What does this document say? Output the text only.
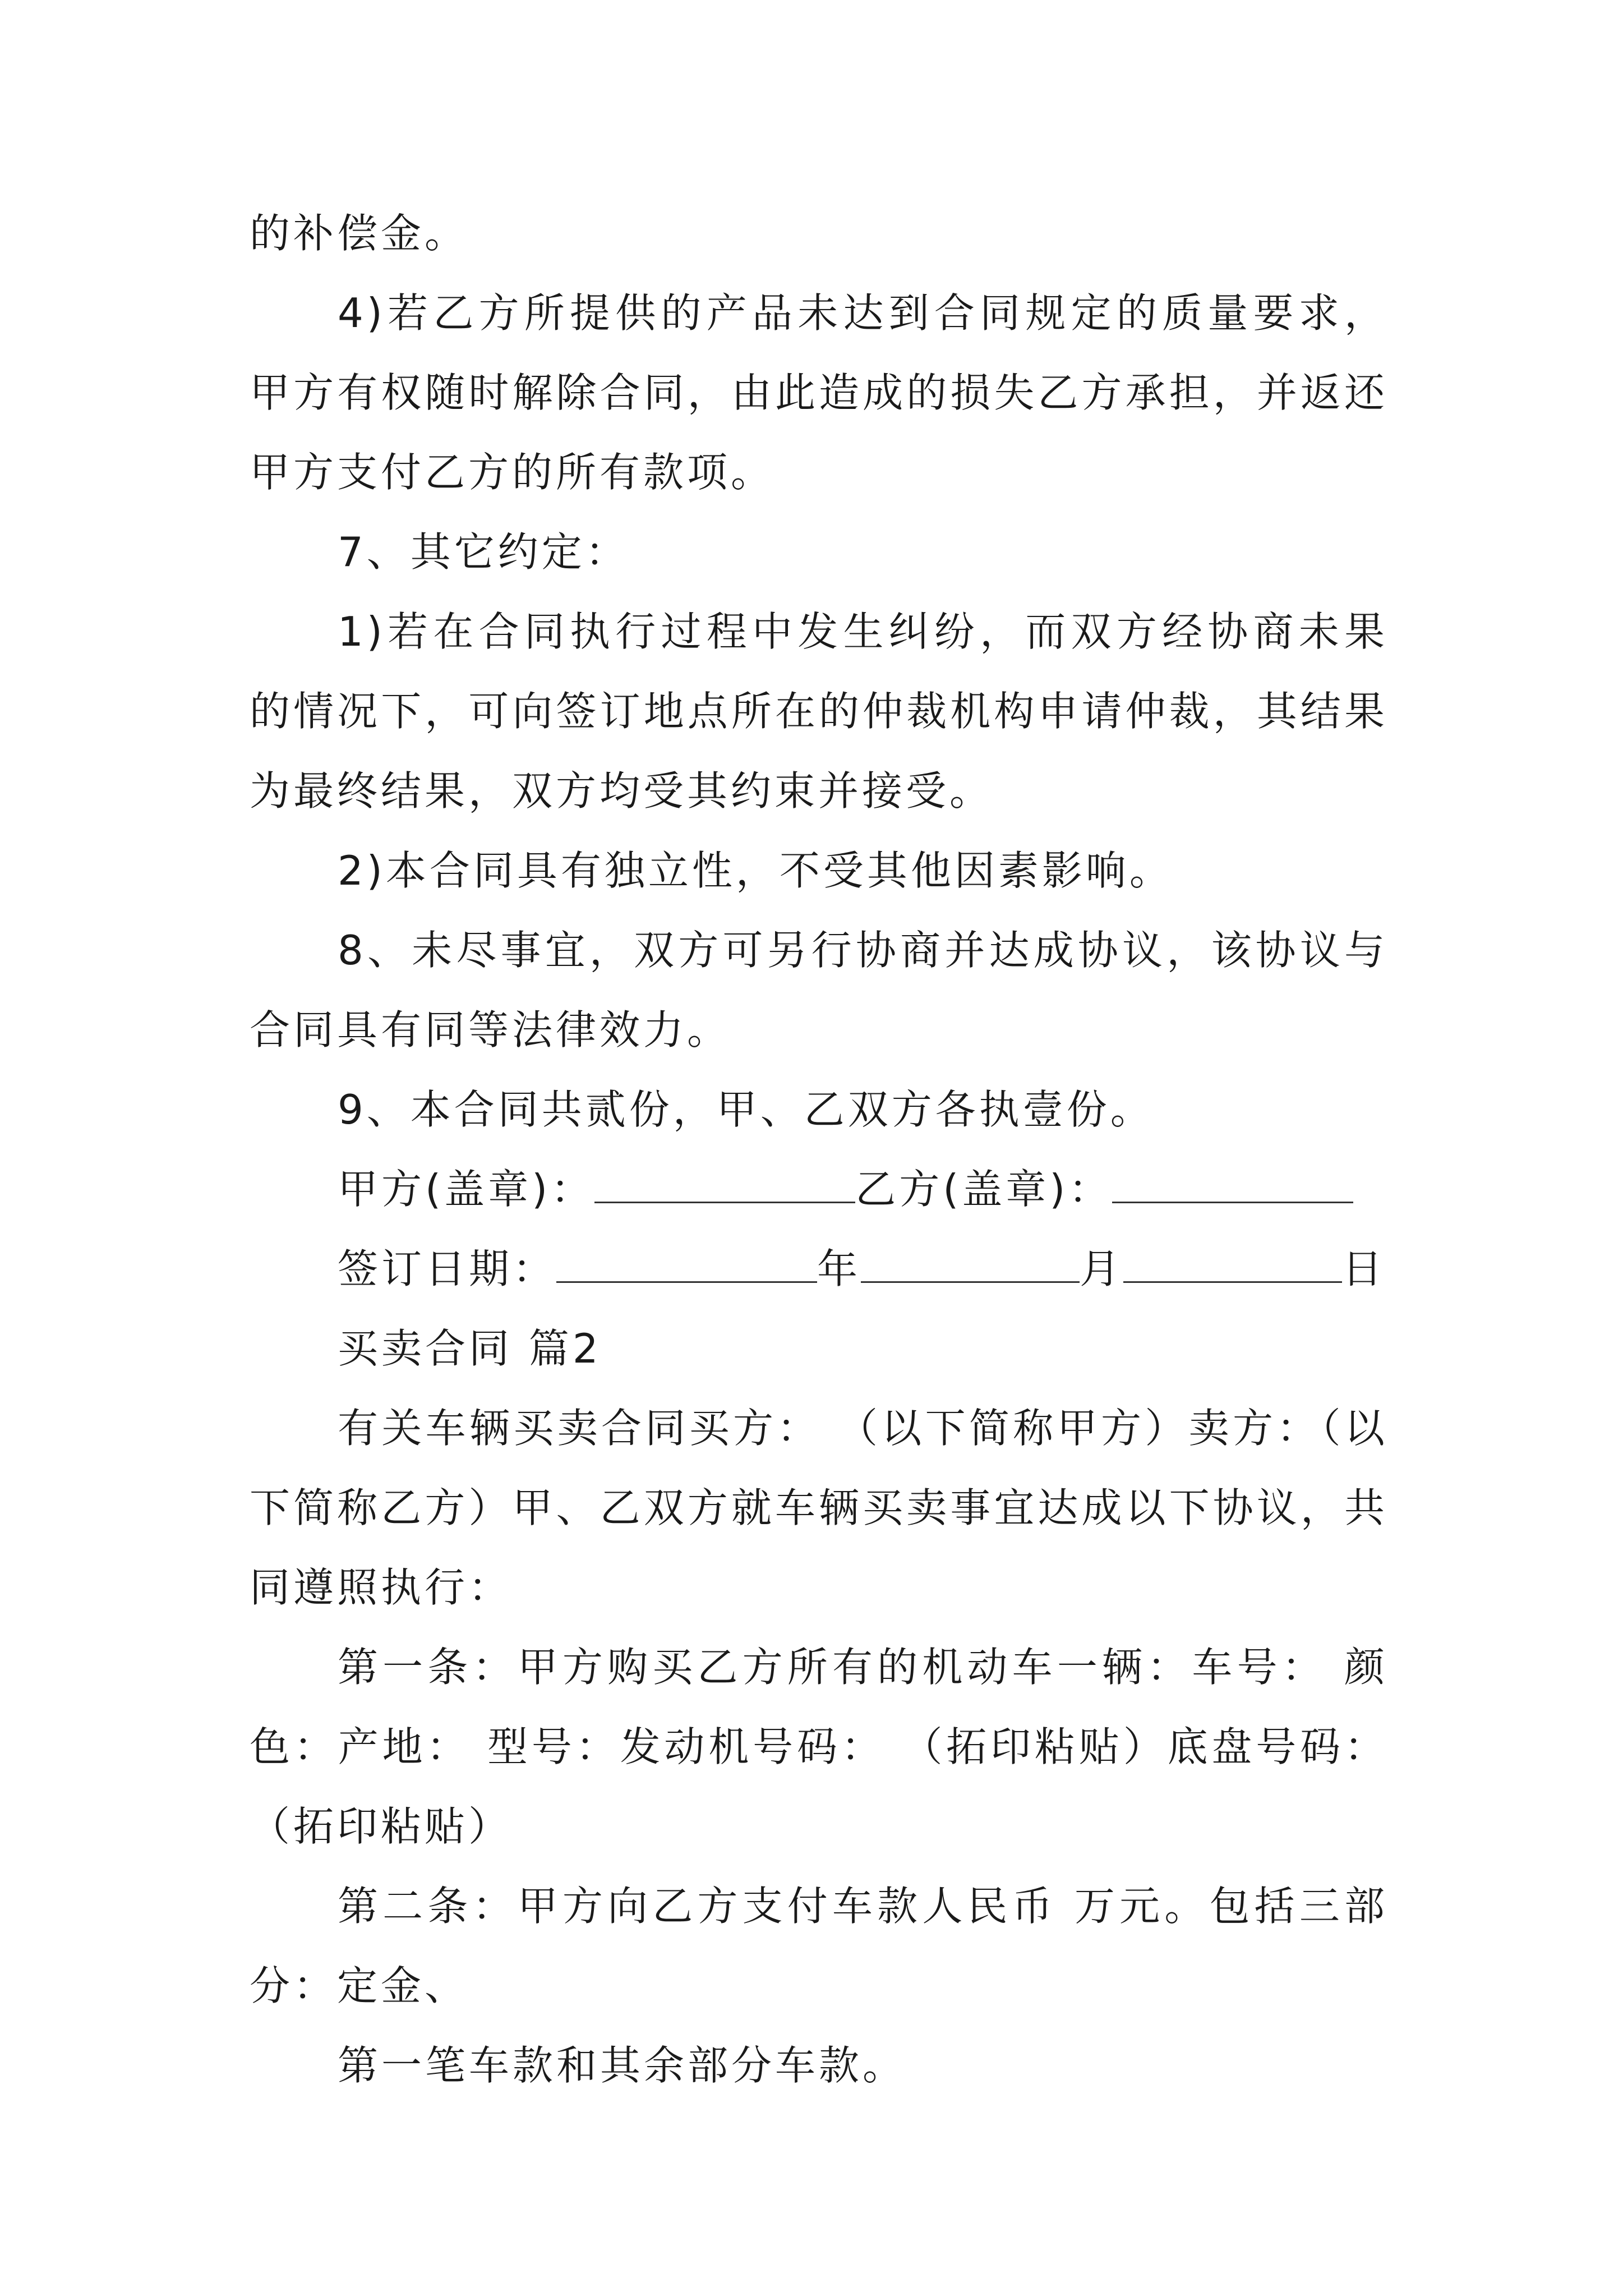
的补偿金。

4)若乙方所提供的产品未达到合同规定的质量要求，甲方有权随时解除合同，由此造成的损失乙方承担，并返还甲方支付乙方的所有款项。

7、其它约定：

1)若在合同执行过程中发生纠纷，而双方经协商未果的情况下，可向签订地点所在的仲裁机构申请仲裁，其结果为最终结果，双方均受其约束并接受。

2)本合同具有独立性，不受其他因素影响。

8、未尽事宜，双方可另行协商并达成协议，该协议与合同具有同等法律效力。

9、本合同共贰份，甲、乙双方各执壹份。

甲方(盖章)：	乙方(盖章)：

签订日期：	年	月	日

买卖合同 篇2

有关车辆买卖合同买方： （以下简称甲方）卖方：（以下简称乙方）甲、乙双方就车辆买卖事宜达成以下协议，共同遵照执行：

第一条：甲方购买乙方所有的机动车一辆：车号： 颜色：产地： 型号：发动机号码： （拓印粘贴）底盘号码：（拓印粘贴）

第二条：甲方向乙方支付车款人民币 万元。包括三部分：定金、

第一笔车款和其余部分车款。
